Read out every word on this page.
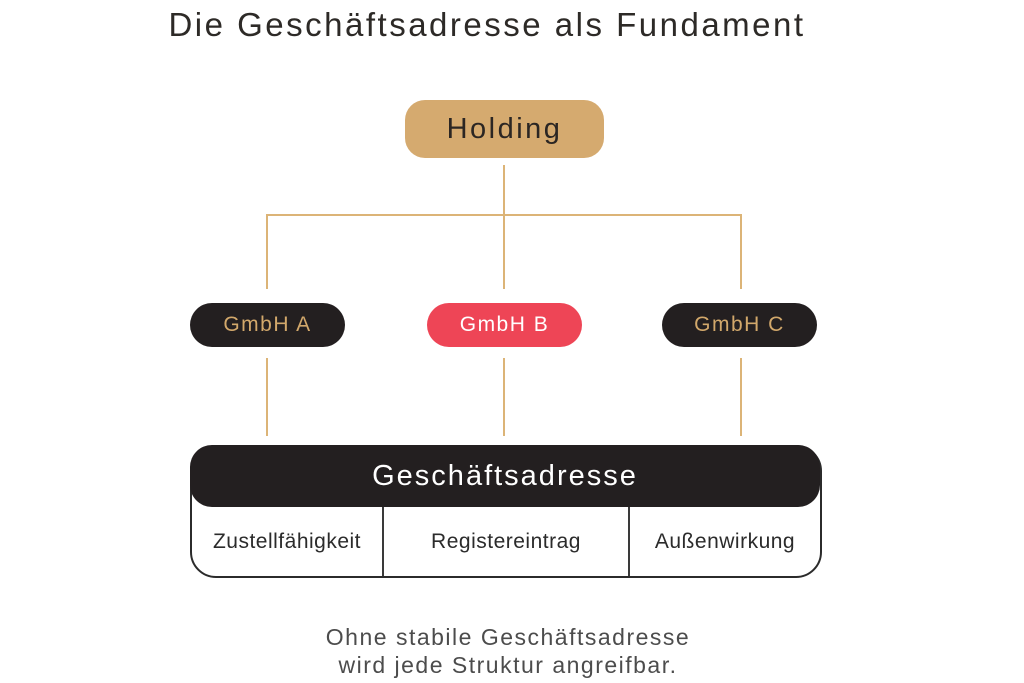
Die Geschäftsadresse als Fundament
Holding
GmbH A	GmbH B	GmbH C
Geschäftsadresse
Zustellfähigkeit	Registereintrag	Außenwirkung
Ohne stabile Geschäftsadresse
wird jede Struktur angreifbar.
